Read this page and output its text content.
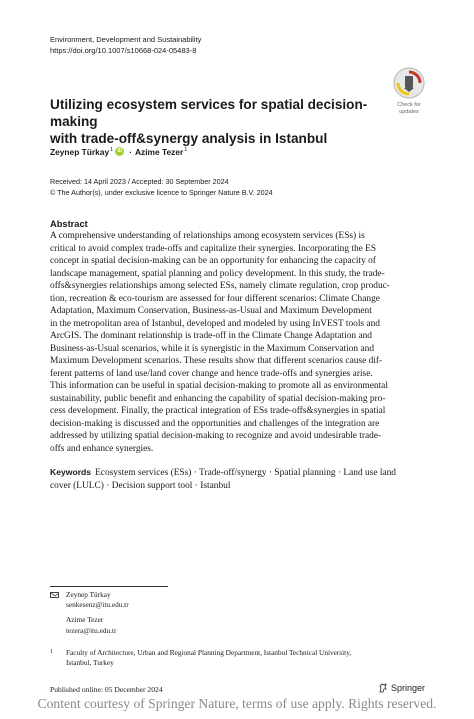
Environment, Development and Sustainability
https://doi.org/10.1007/s10668-024-05483-8
Check for
updates
Utilizing ecosystem services for spatial decision-making
with trade-off&synergy analysis in Istanbul
Zeynep Türkay$^1$ iD · Azime Tezer$^1$
Received: 14 April 2023 / Accepted: 30 September 2024
© The Author(s), under exclusive licence to Springer Nature B.V. 2024
Abstract
A comprehensive understanding of relationships among ecosystem services (ESs) is
critical to avoid complex trade-offs and capitalize their synergies. Incorporating the ES
concept in spatial decision-making can be an opportunity for enhancing the capacity of
landscape management, spatial planning and policy development. In this study, the trade-
offs&synergies relationships among selected ESs, namely climate regulation, crop produc-
tion, recreation & eco-tourism are assessed for four different scenarios: Climate Change
Adaptation, Maximum Conservation, Business-as-Usual and Maximum Development
in the metropolitan area of Istanbul, developed and modeled by using InVEST tools and
ArcGIS. The dominant relationship is trade-off in the Climate Change Adaptation and
Business-as-Usual scenarios, while it is synergistic in the Maximum Conservation and
Maximum Development scenarios. These results show that different scenarios cause dif-
ferent patterns of land use/land cover change and hence trade-offs and synergies arise.
This information can be useful in spatial decision-making to promote all as environmental
sustainability, public benefit and enhancing the capability of spatial decision-making pro-
cess development. Finally, the practical integration of ESs trade-offs&synergies in spatial
decision-making is discussed and the opportunities and challenges of the integration are
addressed by utilizing spatial decision-making to recognize and avoid undesirable trade-
offs and enhance synergies.
Keywords Ecosystem services (ESs) · Trade-off/synergy · Spatial planning · Land use land
cover (LULC) · Decision support tool · Istanbul
Zeynep Türkay
senkesenz@itu.edu.tr
Azime Tezer
tezera@itu.edu.tr
1 Faculty of Architecture, Urban and Regional Planning Department, Istanbul Technical University,
Istanbul, Turkey
Published online: 05 December 2024	Springer
Content courtesy of Springer Nature, terms of use apply. Rights reserved.
